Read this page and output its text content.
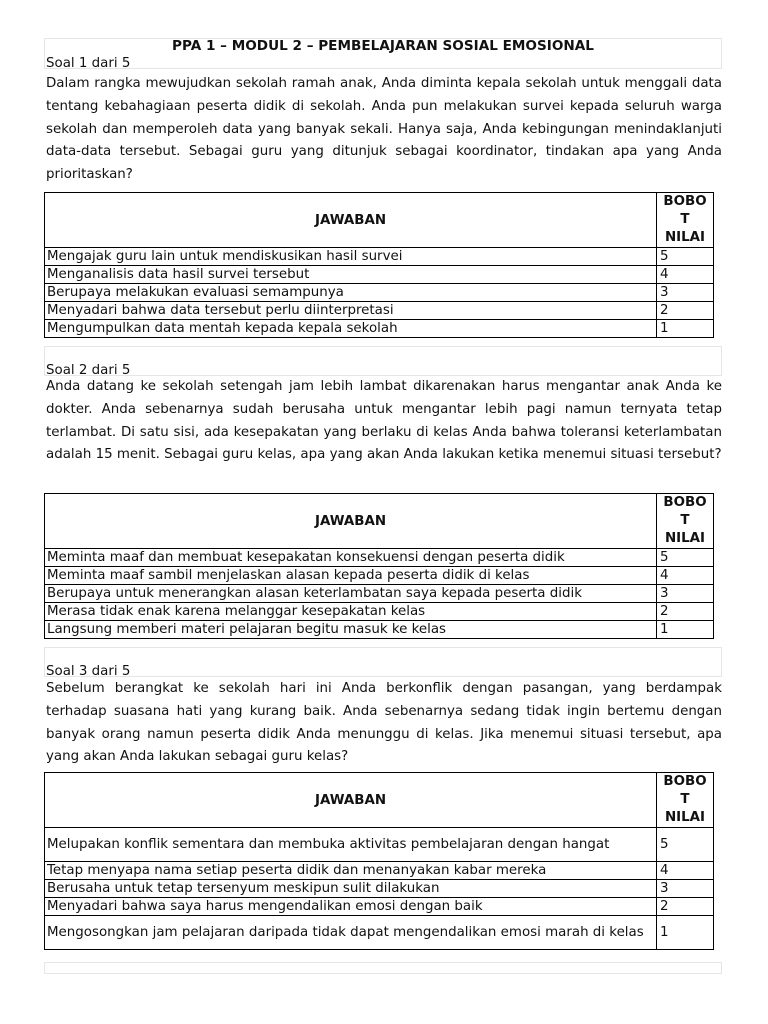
PPA 1 – MODUL 2 – PEMBELAJARAN SOSIAL EMOSIONAL
Soal 1 dari 5
Dalam rangka mewujudkan sekolah ramah anak, Anda diminta kepala sekolah untuk menggali data tentang kebahagiaan peserta didik di sekolah. Anda pun melakukan survei kepada seluruh warga sekolah dan memperoleh data yang banyak sekali. Hanya saja, Anda kebingungan menindaklanjuti data-data tersebut. Sebagai guru yang ditunjuk sebagai koordinator, tindakan apa yang Anda prioritaskan?
JAWABAN	BOBO
T
NILAI

Mengajak guru lain untuk mendiskusikan hasil survei	5
Menganalisis data hasil survei tersebut	4
Berupaya melakukan evaluasi semampunya	3
Menyadari bahwa data tersebut perlu diinterpretasi	2
Mengumpulkan data mentah kepada kepala sekolah	1
Soal 2 dari 5
Anda datang ke sekolah setengah jam lebih lambat dikarenakan harus mengantar anak Anda ke dokter. Anda sebenarnya sudah berusaha untuk mengantar lebih pagi namun ternyata tetap terlambat. Di satu sisi, ada kesepakatan yang berlaku di kelas Anda bahwa toleransi keterlambatan adalah 15 menit. Sebagai guru kelas, apa yang akan Anda lakukan ketika menemui situasi tersebut?
JAWABAN	BOBO
T
NILAI

Meminta maaf dan membuat kesepakatan konsekuensi dengan peserta didik	5
Meminta maaf sambil menjelaskan alasan kepada peserta didik di kelas	4
Berupaya untuk menerangkan alasan keterlambatan saya kepada peserta didik	3
Merasa tidak enak karena melanggar kesepakatan kelas	2
Langsung memberi materi pelajaran begitu masuk ke kelas	1
Soal 3 dari 5
Sebelum berangkat ke sekolah hari ini Anda berkonflik dengan pasangan, yang berdampak terhadap suasana hati yang kurang baik. Anda sebenarnya sedang tidak ingin bertemu dengan banyak orang namun peserta didik Anda menunggu di kelas. Jika menemui situasi tersebut, apa yang akan Anda lakukan sebagai guru kelas?
JAWABAN	BOBO
T
NILAI

Melupakan konflik sementara dan membuka aktivitas pembelajaran dengan hangat	5
Tetap menyapa nama setiap peserta didik dan menanyakan kabar mereka	4
Berusaha untuk tetap tersenyum meskipun sulit dilakukan	3
Menyadari bahwa saya harus mengendalikan emosi dengan baik	2
Mengosongkan jam pelajaran daripada tidak dapat mengendalikan emosi marah di kelas	1
